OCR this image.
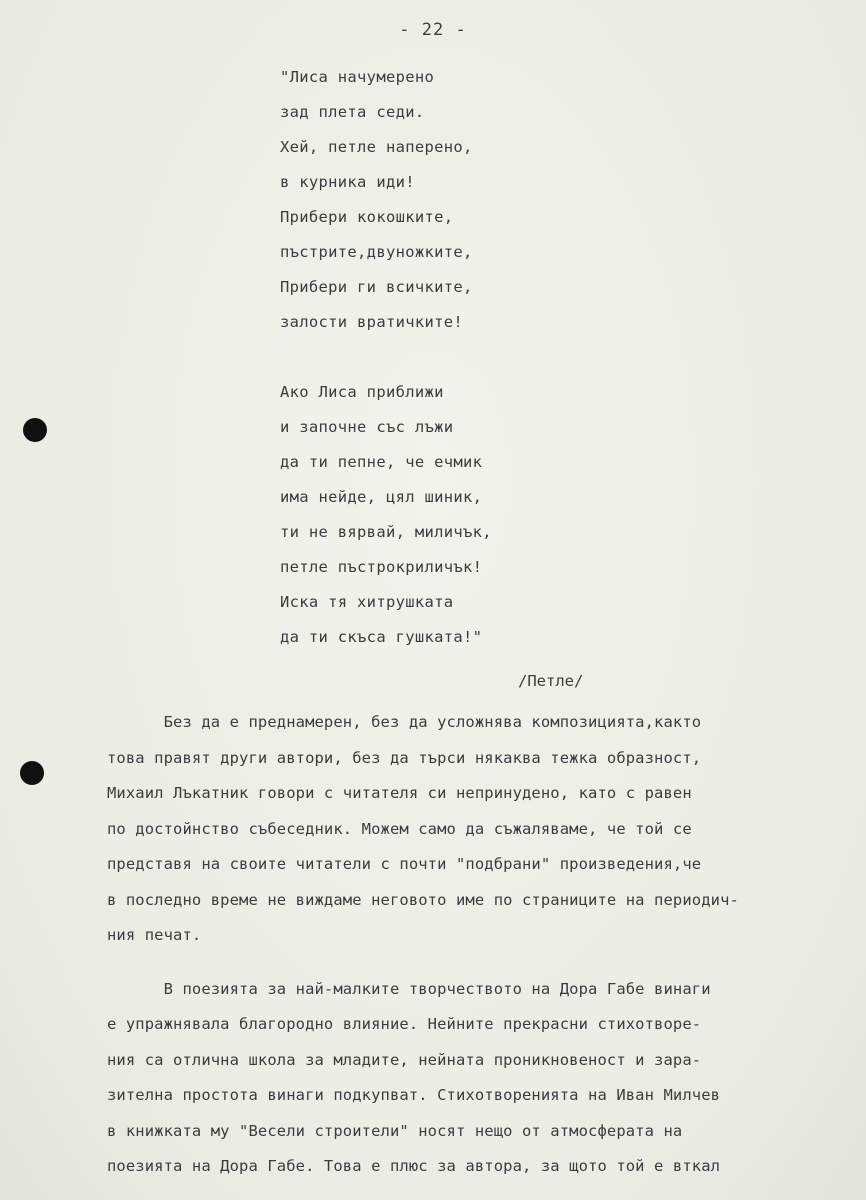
- 22 -
"Лиса начумерено
зад плета седи.
Хей, петле наперено,
в курника иди!
Прибери кокошките,
пъстрите,двуножките,
Прибери ги всичките,
залости вратичките!
Ако Лиса приближи
и започне със лъжи
да ти пепне, че ечмик
има нейде, цял шиник,
ти не вярвай, миличък,
петле пъстрокриличък!
Иска тя хитрушката
да ти скъса гушката!"
/Петле/
Без да е преднамерен, без да усложнява композицията,както
това правят други автори, без да търси някаква тежка образност,
Михаил Лъкатник говори с читателя си непринудено, като с равен
по достойнство събеседник. Можем само да съжаляваме, че той се
представя на своите читатели с почти "подбрани" произведения,че
в последно време не виждаме неговото име по страниците на периодич-
ния печат.
В поезията за най-малките творчеството на Дора Габе винаги
е упражнявала благородно влияние. Нейните прекрасни стихотворе-
ния са отлична школа за младите, нейната проникновеност и зара-
зителна простота винаги подкупват. Стихотворенията на Иван Милчев
в книжката му "Весели строители" носят нещо от атмосферата на
поезията на Дора Габе. Това е плюс за автора, за щото той е вткал
